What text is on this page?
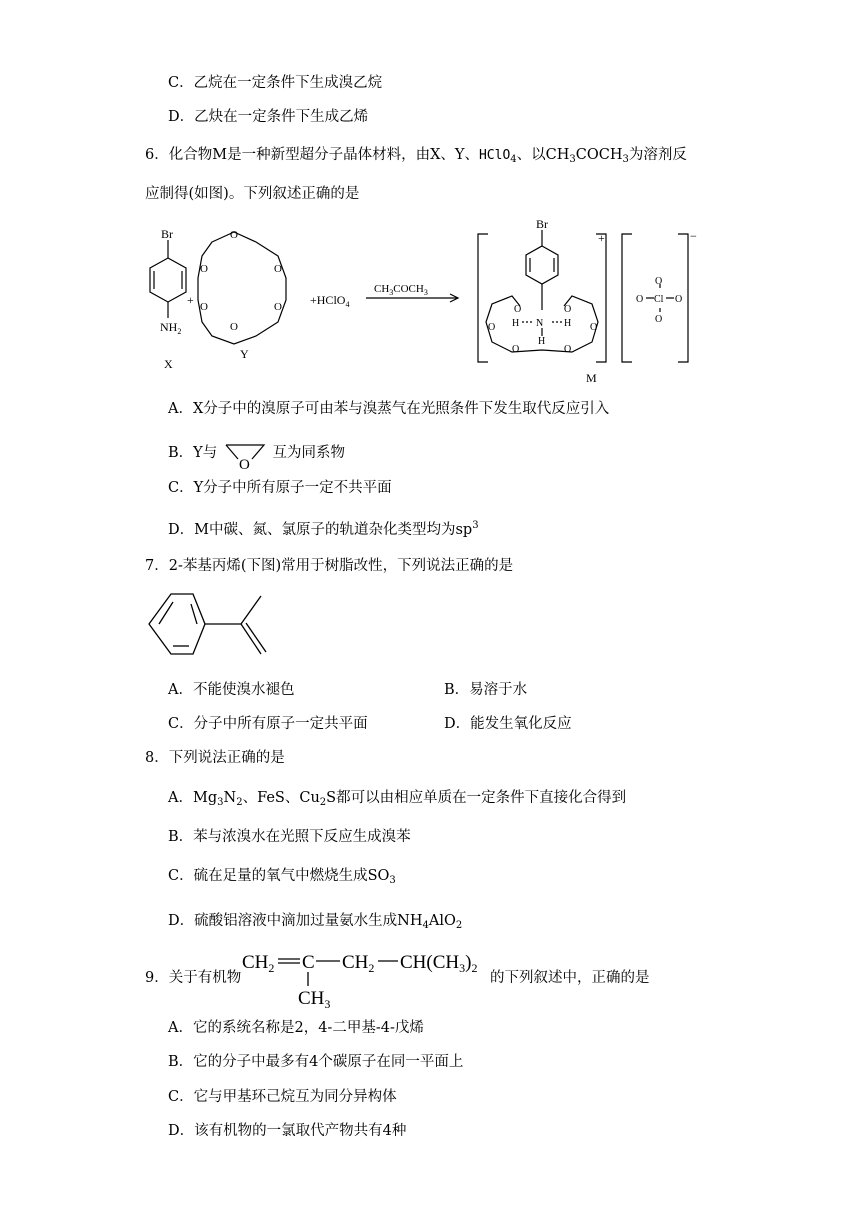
C．乙烷在一定条件下生成溴乙烷
D．乙炔在一定条件下生成乙烯
6．化合物M是一种新型超分子晶体材料，由X、Y、HClO$_4$、以$CH_3COCH_3$为溶剂反
应制得(如图)。下列叙述正确的是
Br
$NH_2$
X
+
O
O
O
O
O
O
Y
+HClO$_4$
$CH_3COCH_3$
Br
+	−
O	O
O	O
O	O
H N H
H
Cl
O	O
O
O
M
A．X分子中的溴原子可由苯与溴蒸气在光照条件下发生取代反应引入
B．Y与
O
互为同系物
C．Y分子中所有原子一定不共平面
D．M中碳、氮、氯原子的轨道杂化类型均为$sp^3$
7．2-苯基丙烯(下图)常用于树脂改性，下列说法正确的是
A．不能使溴水褪色	B．易溶于水
C．分子中所有原子一定共平面	D．能发生氧化反应
8．下列说法正确的是
A．$Mg_3N_2$、FeS、$Cu_2S$都可以由相应单质在一定条件下直接化合得到
B．苯与浓溴水在光照下反应生成溴苯
C．硫在足量的氧气中燃烧生成$SO_3$
D．硫酸铝溶液中滴加过量氨水生成$NH_4AlO_2$
9．关于有机物
$CH_2$ C $CH_2$ $CH(CH_3)_2$
$CH_3$
的下列叙述中，正确的是
A．它的系统名称是2，4-二甲基-4-戊烯
B．它的分子中最多有4个碳原子在同一平面上
C．它与甲基环己烷互为同分异构体
D．该有机物的一氯取代产物共有4种
